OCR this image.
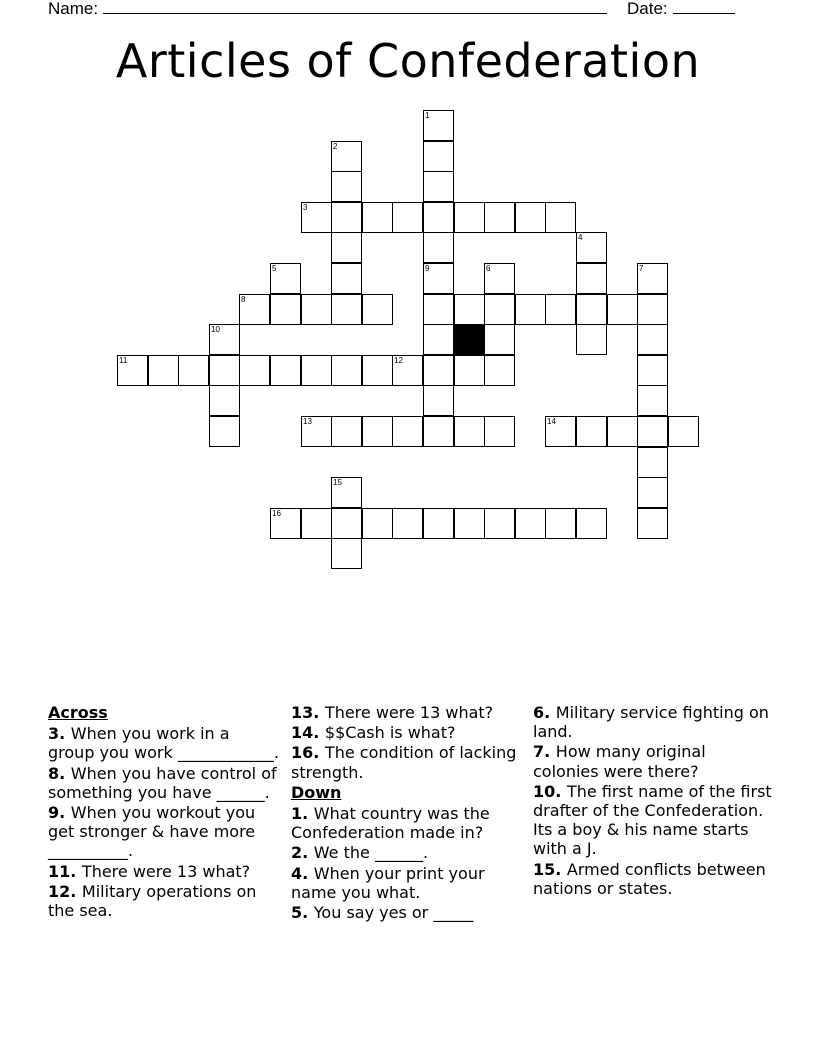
Name:	Date:
Articles of Confederation
1
9
2
3
4
5	6	7
8
10
11	12
13	14
15
16
Across
3. When you work in a group you work ____________.
8. When you have control of something you have ______.
9. When you workout you get stronger & have more __________.
11. There were 13 what?
12. Military operations on the sea.
13. There were 13 what?
14. $$Cash is what?
16. The condition of lacking strength.
Down
1. What country was the Confederation made in?
2. We the ______.
4. When your print your name you what.
5. You say yes or _____
6. Military service fighting on land.
7. How many original colonies were there?
10. The first name of the first drafter of the Confederation. Its a boy & his name starts with a J.
15. Armed conflicts between nations or states.
